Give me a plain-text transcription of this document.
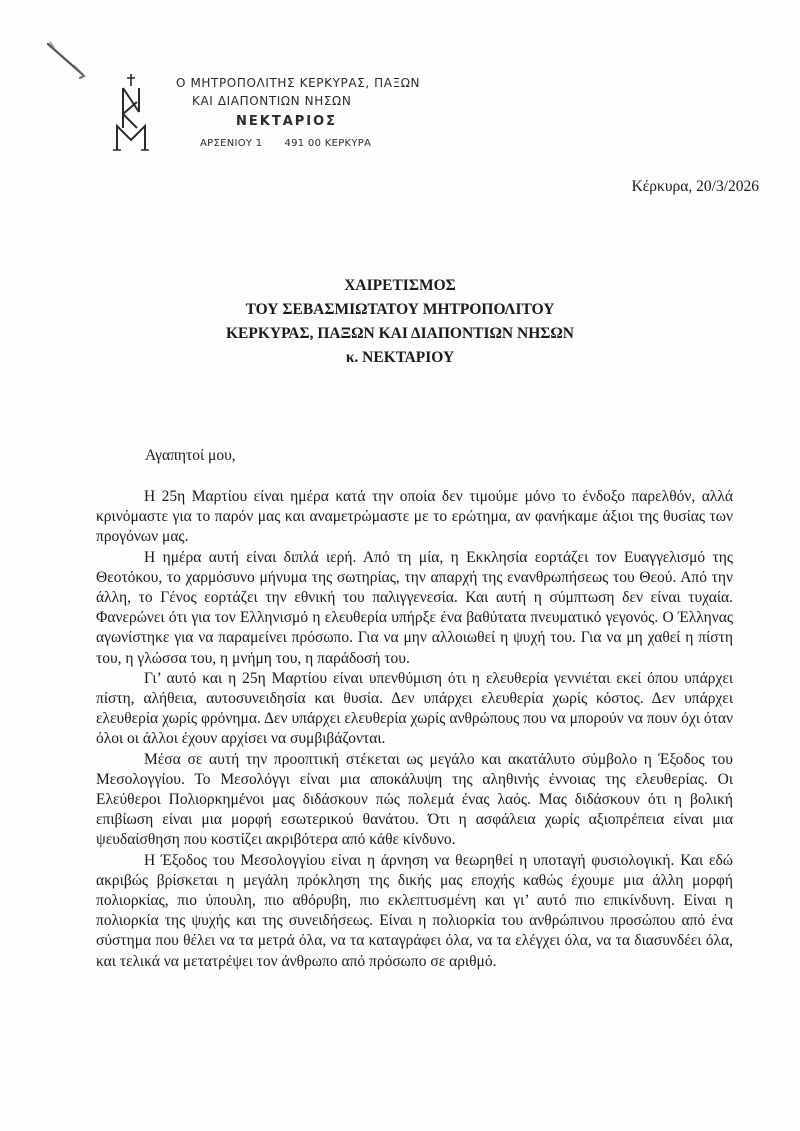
Ο ΜΗΤΡΟΠΟΛΙΤΗΣ ΚΕΡΚΥΡΑΣ, ΠΑΞΩΝ
ΚΑΙ ΔΙΑΠΟΝΤΙΩΝ ΝΗΣΩΝ
ΝΕΚΤΑΡΙΟΣ
ΑΡΣΕΝΙΟΥ 1 491 00 ΚΕΡΚΥΡΑ
Κέρκυρα, 20/3/2026
ΧΑΙΡΕΤΙΣΜΟΣ
ΤΟΥ ΣΕΒΑΣΜΙΩΤΑΤΟΥ ΜΗΤΡΟΠΟΛΙΤΟΥ
ΚΕΡΚΥΡΑΣ, ΠΑΞΩΝ ΚΑΙ ΔΙΑΠΟΝΤΙΩΝ ΝΗΣΩΝ
κ. ΝΕΚΤΑΡΙΟΥ
Αγαπητοί μου,

Η 25η Μαρτίου είναι ημέρα κατά την οποία δεν τιμούμε μόνο το ένδοξο παρελθόν, αλλά κρινόμαστε για το παρόν μας και αναμετρώμαστε με το ερώτημα, αν φανήκαμε άξιοι της θυσίας των προγόνων μας.

Η ημέρα αυτή είναι διπλά ιερή. Από τη μία, η Εκκλησία εορτάζει τον Ευαγγελισμό της Θεοτόκου, το χαρμόσυνο μήνυμα της σωτηρίας, την απαρχή της ενανθρωπήσεως του Θεού. Από την άλλη, το Γένος εορτάζει την εθνική του παλιγγενεσία. Και αυτή η σύμπτωση δεν είναι τυχαία. Φανερώνει ότι για τον Ελληνισμό η ελευθερία υπήρξε ένα βαθύτατα πνευματικό γεγονός. Ο Έλληνας αγωνίστηκε για να παραμείνει πρόσωπο. Για να μην αλλοιωθεί η ψυχή του. Για να μη χαθεί η πίστη του, η γλώσσα του, η μνήμη του, η παράδοσή του.

Γι’ αυτό και η 25η Μαρτίου είναι υπενθύμιση ότι η ελευθερία γεννιέται εκεί όπου υπάρχει πίστη, αλήθεια, αυτοσυνειδησία και θυσία. Δεν υπάρχει ελευθερία χωρίς κόστος. Δεν υπάρχει ελευθερία χωρίς φρόνημα. Δεν υπάρχει ελευθερία χωρίς ανθρώπους που να μπορούν να πουν όχι όταν όλοι οι άλλοι έχουν αρχίσει να συμβιβάζονται.

Μέσα σε αυτή την προοπτική στέκεται ως μεγάλο και ακατάλυτο σύμβολο η Έξοδος του Μεσολογγίου. Το Μεσολόγγι είναι μια αποκάλυψη της αληθινής έννοιας της ελευθερίας. Οι Ελεύθεροι Πολιορκημένοι μας διδάσκουν πώς πολεμά ένας λαός. Μας διδάσκουν ότι η βολική επιβίωση είναι μια μορφή εσωτερικού θανάτου. Ότι η ασφάλεια χωρίς αξιοπρέπεια είναι μια ψευδαίσθηση που κοστίζει ακριβότερα από κάθε κίνδυνο.

Η Έξοδος του Μεσολογγίου είναι η άρνηση να θεωρηθεί η υποταγή φυσιολογική. Και εδώ ακριβώς βρίσκεται η μεγάλη πρόκληση της δικής μας εποχής καθώς έχουμε μια άλλη μορφή πολιορκίας, πιο ύπουλη, πιο αθόρυβη, πιο εκλεπτυσμένη και γι’ αυτό πιο επικίνδυνη. Είναι η πολιορκία της ψυχής και της συνειδήσεως. Είναι η πολιορκία του ανθρώπινου προσώπου από ένα σύστημα που θέλει να τα μετρά όλα, να τα καταγράφει όλα, να τα ελέγχει όλα, να τα διασυνδέει όλα, και τελικά να μετατρέψει τον άνθρωπο από πρόσωπο σε αριθμό.
